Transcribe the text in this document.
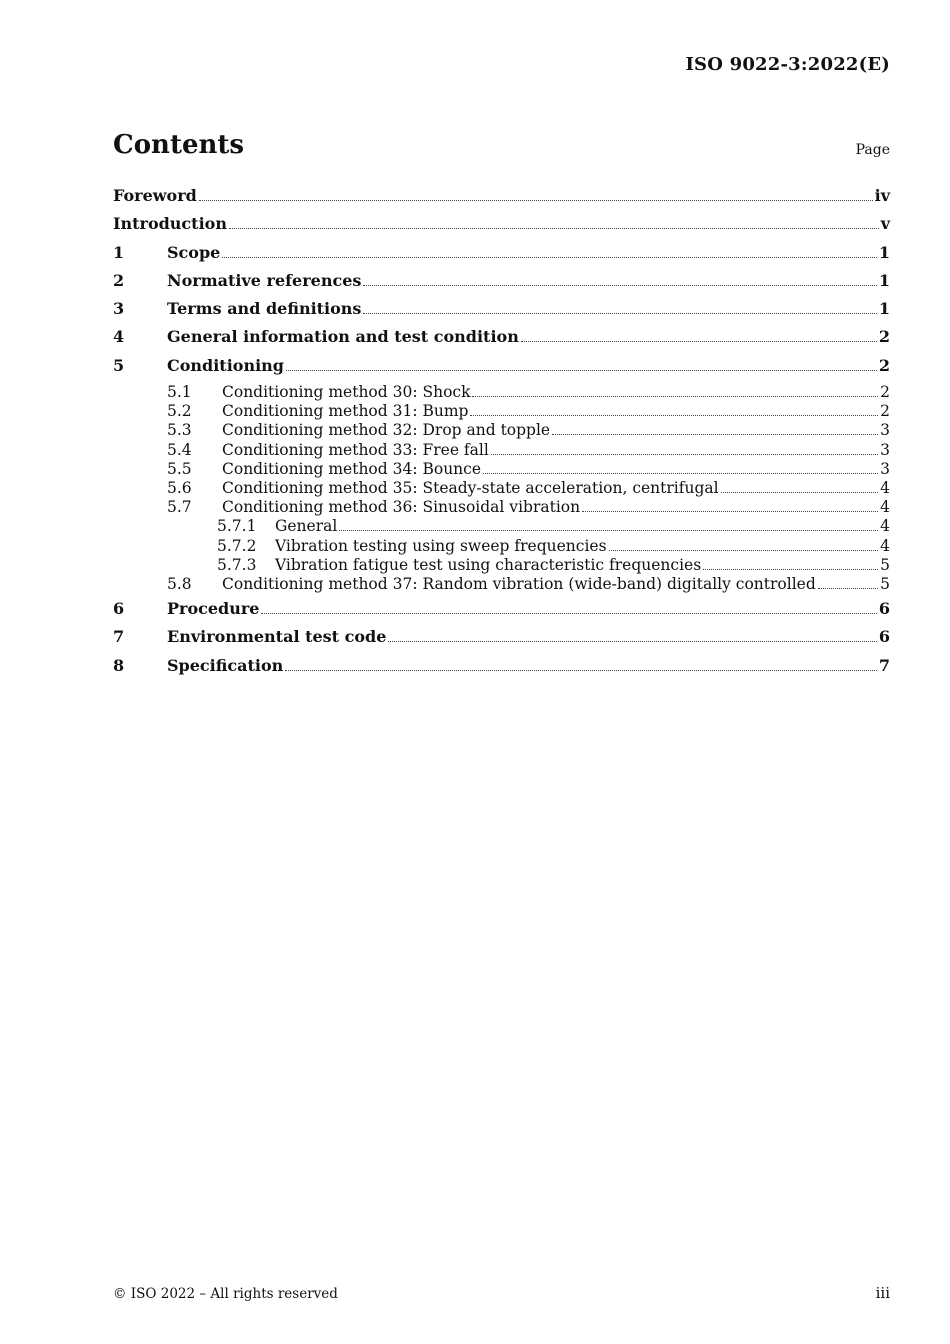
ISO 9022-3:2022(E)
Contents	Page
Foreword	iv
Introduction	v
1	Scope	1
2	Normative references	1
3	Terms and definitions	1
4	General information and test condition	2
5	Conditioning	2
5.1	Conditioning method 30: Shock	2
5.2	Conditioning method 31: Bump	2
5.3	Conditioning method 32: Drop and topple	3
5.4	Conditioning method 33: Free fall	3
5.5	Conditioning method 34: Bounce	3
5.6	Conditioning method 35: Steady-state acceleration, centrifugal	4
5.7	Conditioning method 36: Sinusoidal vibration	4
5.7.1	General	4
5.7.2	Vibration testing using sweep frequencies	4
5.7.3	Vibration fatigue test using characteristic frequencies	5
5.8	Conditioning method 37: Random vibration (wide-band) digitally controlled	5
6	Procedure	6
7	Environmental test code	6
8	Specification	7
© ISO 2022 – All rights reserved	iii
